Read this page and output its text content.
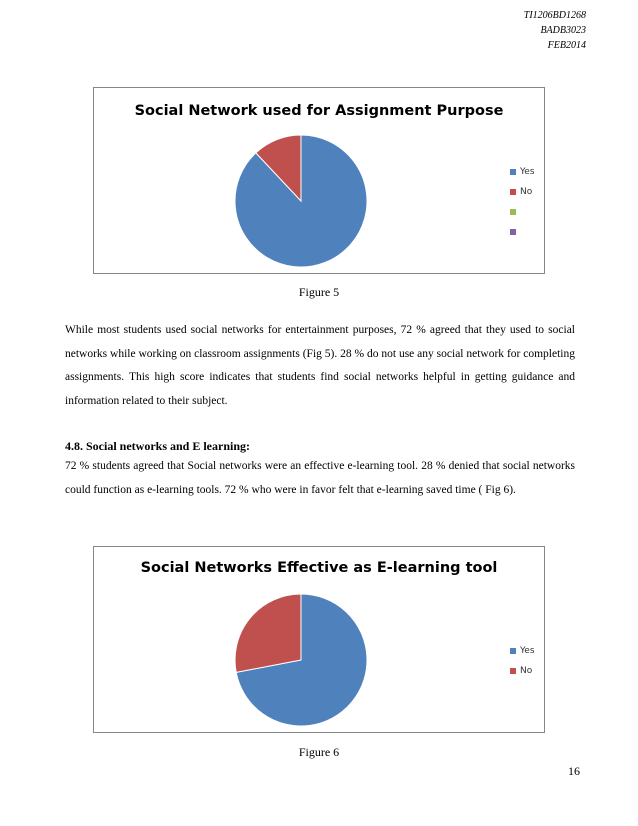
TI1206BD1268
BADB3023
FEB2014
Social Network used for Assignment Purpose
Yes
No
Figure 5

While most students used social networks for entertainment purposes, 72 % agreed that they used to social networks while working on classroom assignments (Fig 5). 28 % do not use any social network for completing assignments. This high score indicates that students find social networks helpful in getting guidance and information related to their subject.

4.8. Social networks and E learning:

72 % students agreed that Social networks were an effective e-learning tool. 28 % denied that social networks could function as e-learning tools. 72 % who were in favor felt that e-learning saved time ( Fig 6).

Social Networks Effective as E-learning tool
Yes
No
Figure 6
16
